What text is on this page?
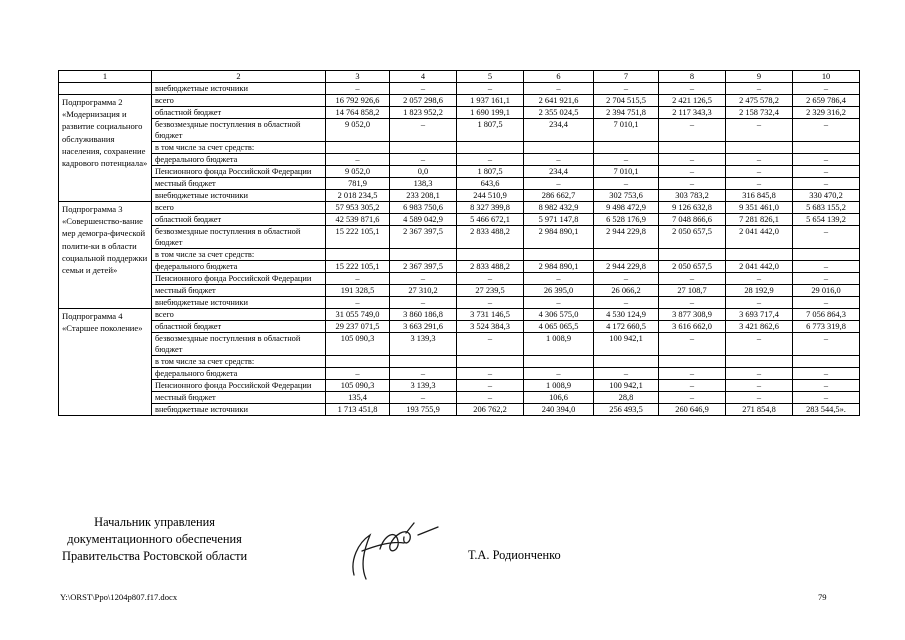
1	2	3	4	5	6	7	8	9	10
	внебюджетные источники	–	–	–	–	–	–	–	–
Подпрограмма 2 «Модернизация и развитие социального обслуживания населения, сохранение кадрового потенциала»	всего	16 792 926,6	2 057 298,6	1 937 161,1	2 641 921,6	2 704 515,5	2 421 126,5	2 475 578,2	2 659 786,4
	областной бюджет	14 764 858,2	1 823 952,2	1 690 199,1	2 355 024,5	2 394 751,8	2 117 343,3	2 158 732,4	2 329 316,2
	безвозмездные поступления в областной бюджет	9 052,0	–	1 807,5	234,4	7 010,1	–	–	–
	в том числе за счет средств:								
	федерального бюджета	–	–	–	–	–	–	–	–
	Пенсионного фонда Российской Федерации	9 052,0	0,0	1 807,5	234,4	7 010,1	–	–	–
	местный бюджет	781,9	138,3	643,6	–	–	–	–	–
	внебюджетные источники	2 018 234,5	233 208,1	244 510,9	286 662,7	302 753,6	303 783,2	316 845,8	330 470,2
Подпрограмма 3 «Совершенство-вание мер демогра-фической полити-ки в области социальной поддержки семьи и детей»	всего	57 953 305,2	6 983 750,6	8 327 399,8	8 982 432,9	9 498 472,9	9 126 632,8	9 351 461,0	5 683 155,2
	областной бюджет	42 539 871,6	4 589 042,9	5 466 672,1	5 971 147,8	6 528 176,9	7 048 866,6	7 281 826,1	5 654 139,2
	безвозмездные поступления в областной бюджет	15 222 105,1	2 367 397,5	2 833 488,2	2 984 890,1	2 944 229,8	2 050 657,5	2 041 442,0	–
	в том числе за счет средств:								
	федерального бюджета	15 222 105,1	2 367 397,5	2 833 488,2	2 984 890,1	2 944 229,8	2 050 657,5	2 041 442,0	–
	Пенсионного фонда Российской Федерации	–	–	–	–	–	–	–	–
	местный бюджет	191 328,5	27 310,2	27 239,5	26 395,0	26 066,2	27 108,7	28 192,9	29 016,0
	внебюджетные источники	–	–	–	–	–	–	–	–
Подпрограмма 4 «Старшее поколение»	всего	31 055 749,0	3 860 186,8	3 731 146,5	4 306 575,0	4 530 124,9	3 877 308,9	3 693 717,4	7 056 864,3
	областной бюджет	29 237 071,5	3 663 291,6	3 524 384,3	4 065 065,5	4 172 660,5	3 616 662,0	3 421 862,6	6 773 319,8
	безвозмездные поступления в областной бюджет	105 090,3	3 139,3	–	1 008,9	100 942,1	–	–	–
	в том числе за счет средств:								
	федерального бюджета	–	–	–	–	–	–	–	–
	Пенсионного фонда Российской Федерации	105 090,3	3 139,3	–	1 008,9	100 942,1	–	–	–
	местный бюджет	135,4	–	–	106,6	28,8	–	–	–
	внебюджетные источники	1 713 451,8	193 755,9	206 762,2	240 394,0	256 493,5	260 646,9	271 854,8	283 544,5».
Начальник управления
документационного обеспечения
Правительства Ростовской области	Т.А. Родионченко
Y:\ORST\Ppo\1204p807.f17.docx	79
